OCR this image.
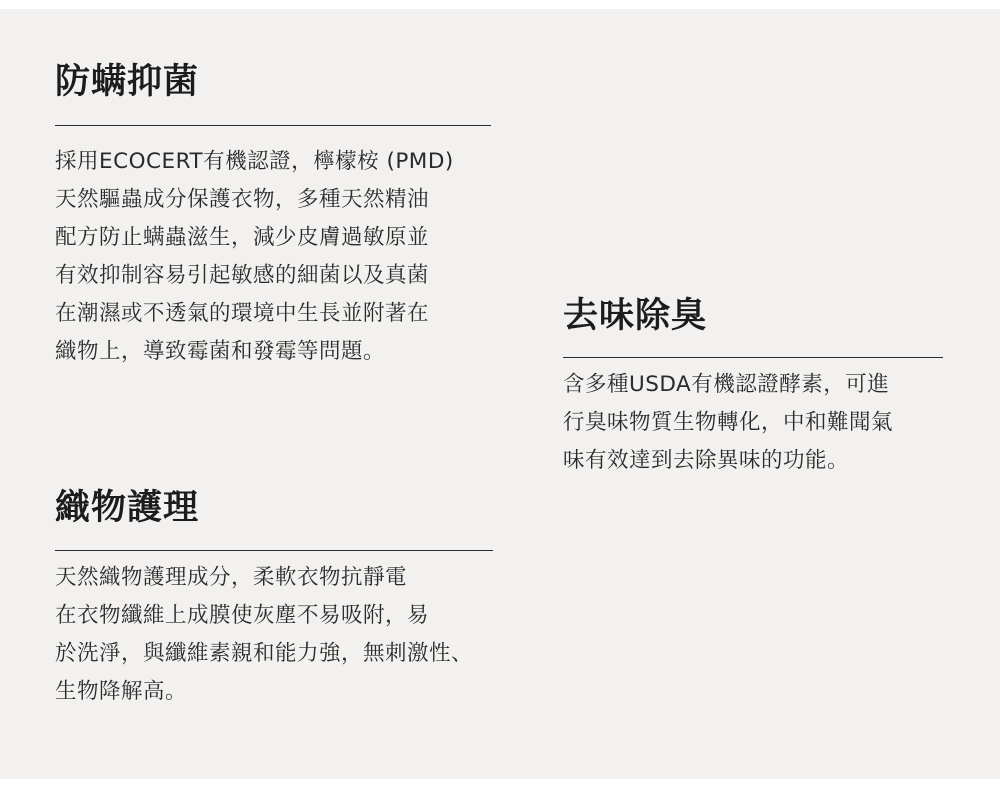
防螨抑菌
採用ECOCERT有機認證，檸檬桉 (PMD)
天然驅蟲成分保護衣物，多種天然精油
配方防止螨蟲滋生，減少皮膚過敏原並
有效抑制容易引起敏感的細菌以及真菌
在潮濕或不透氣的環境中生長並附著在
織物上，導致霉菌和發霉等問題。
去味除臭
含多種USDA有機認證酵素，可進
行臭味物質生物轉化，中和難聞氣
味有效達到去除異味的功能。
織物護理
天然織物護理成分，柔軟衣物抗靜電
在衣物纖維上成膜使灰塵不易吸附，易
於洗淨，與纖維素親和能力強，無刺激性、
生物降解高。
